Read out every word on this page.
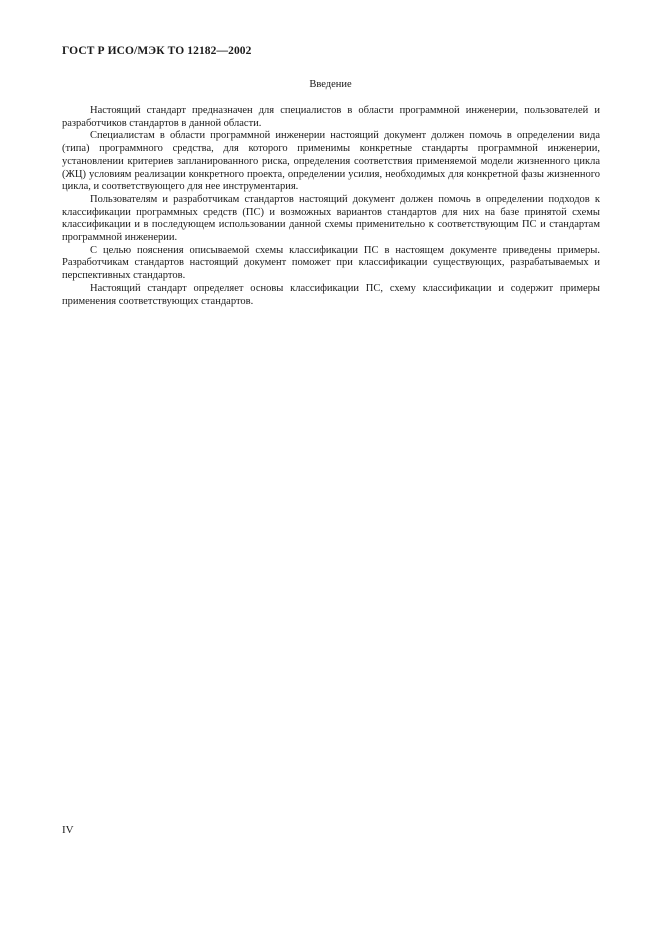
ГОСТ Р ИСО/МЭК ТО 12182—2002
Введение

Настоящий стандарт предназначен для специалистов в области программной инженерии, пользователей и разработчиков стандартов в данной области.

Специалистам в области программной инженерии настоящий документ должен помочь в определении вида (типа) программного средства, для которого применимы конкретные стандарты программной инженерии, установлении критериев запланированного риска, определения соответствия применяемой модели жизненного цикла (ЖЦ) условиям реализации конкретного проекта, определении усилия, необходимых для конкретной фазы жизненного цикла, и соответствующего для нее инструментария.

Пользователям и разработчикам стандартов настоящий документ должен помочь в определении подходов к классификации программных средств (ПС) и возможных вариантов стандартов для них на базе принятой схемы классификации и в последующем использовании данной схемы применительно к соответствующим ПС и стандартам программной инженерии.

С целью пояснения описываемой схемы классификации ПС в настоящем документе приведены примеры. Разработчикам стандартов настоящий документ поможет при классификации существующих, разрабатываемых и перспективных стандартов.

Настоящий стандарт определяет основы классификации ПС, схему классификации и содержит примеры применения соответствующих стандартов.

IV
